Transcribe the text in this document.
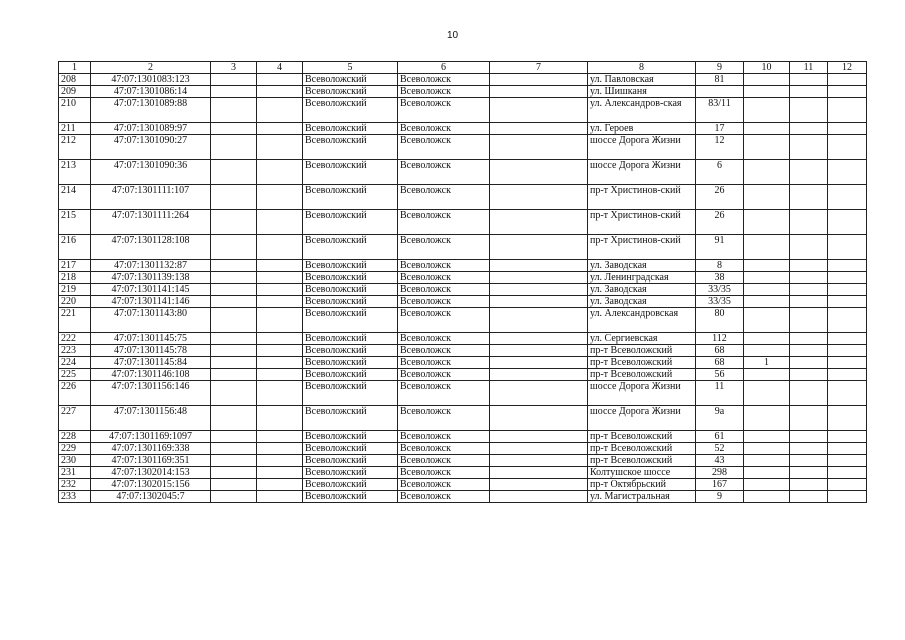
10
1	2	3	4	5	6	7	8	9	10	11	12
208	47:07:1301083:123			Всеволожский	Всеволожск		ул. Павловская	81			
209	47:07:1301086:14			Всеволожский	Всеволожск		ул. Шишканя				
210	47:07:1301089:88			Всеволожский	Всеволожск		ул. Александров-ская	83/11			
211	47:07:1301089:97			Всеволожский	Всеволожск		ул. Героев	17			
212	47:07:1301090:27			Всеволожский	Всеволожск		шоссе Дорога Жизни	12			
213	47:07:1301090:36			Всеволожский	Всеволожск		шоссе Дорога Жизни	6			
214	47:07:1301111:107			Всеволожский	Всеволожск		пр-т Христинов-ский	26			
215	47:07:1301111:264			Всеволожский	Всеволожск		пр-т Христинов-ский	26			
216	47:07:1301128:108			Всеволожский	Всеволожск		пр-т Христинов-ский	91			
217	47:07:1301132:87			Всеволожский	Всеволожск		ул. Заводская	8			
218	47:07:1301139:138			Всеволожский	Всеволожск		ул. Ленинградская	38			
219	47:07:1301141:145			Всеволожский	Всеволожск		ул. Заводская	33/35			
220	47:07:1301141:146			Всеволожский	Всеволожск		ул. Заводская	33/35			
221	47:07:1301143:80			Всеволожский	Всеволожск		ул. Александровская	80			
222	47:07:1301145:75			Всеволожский	Всеволожск		ул. Сергиевская	112			
223	47:07:1301145:78			Всеволожский	Всеволожск		пр-т Всеволожский	68			
224	47:07:1301145:84			Всеволожский	Всеволожск		пр-т Всеволожский	68	1		
225	47:07:1301146:108			Всеволожский	Всеволожск		пр-т Всеволожский	56			
226	47:07:1301156:146			Всеволожский	Всеволожск		шоссе Дорога Жизни	11			
227	47:07:1301156:48			Всеволожский	Всеволожск		шоссе Дорога Жизни	9а			
228	47:07:1301169:1097			Всеволожский	Всеволожск		пр-т Всеволожский	61			
229	47:07:1301169:338			Всеволожский	Всеволожск		пр-т Всеволожский	52			
230	47:07:1301169:351			Всеволожский	Всеволожск		пр-т Всеволожский	43			
231	47:07:1302014:153			Всеволожский	Всеволожск		Колтушское шоссе	298			
232	47:07:1302015:156			Всеволожский	Всеволожск		пр-т Октябрьский	167			
233	47:07:1302045:7			Всеволожский	Всеволожск		ул. Магистральная	9			
